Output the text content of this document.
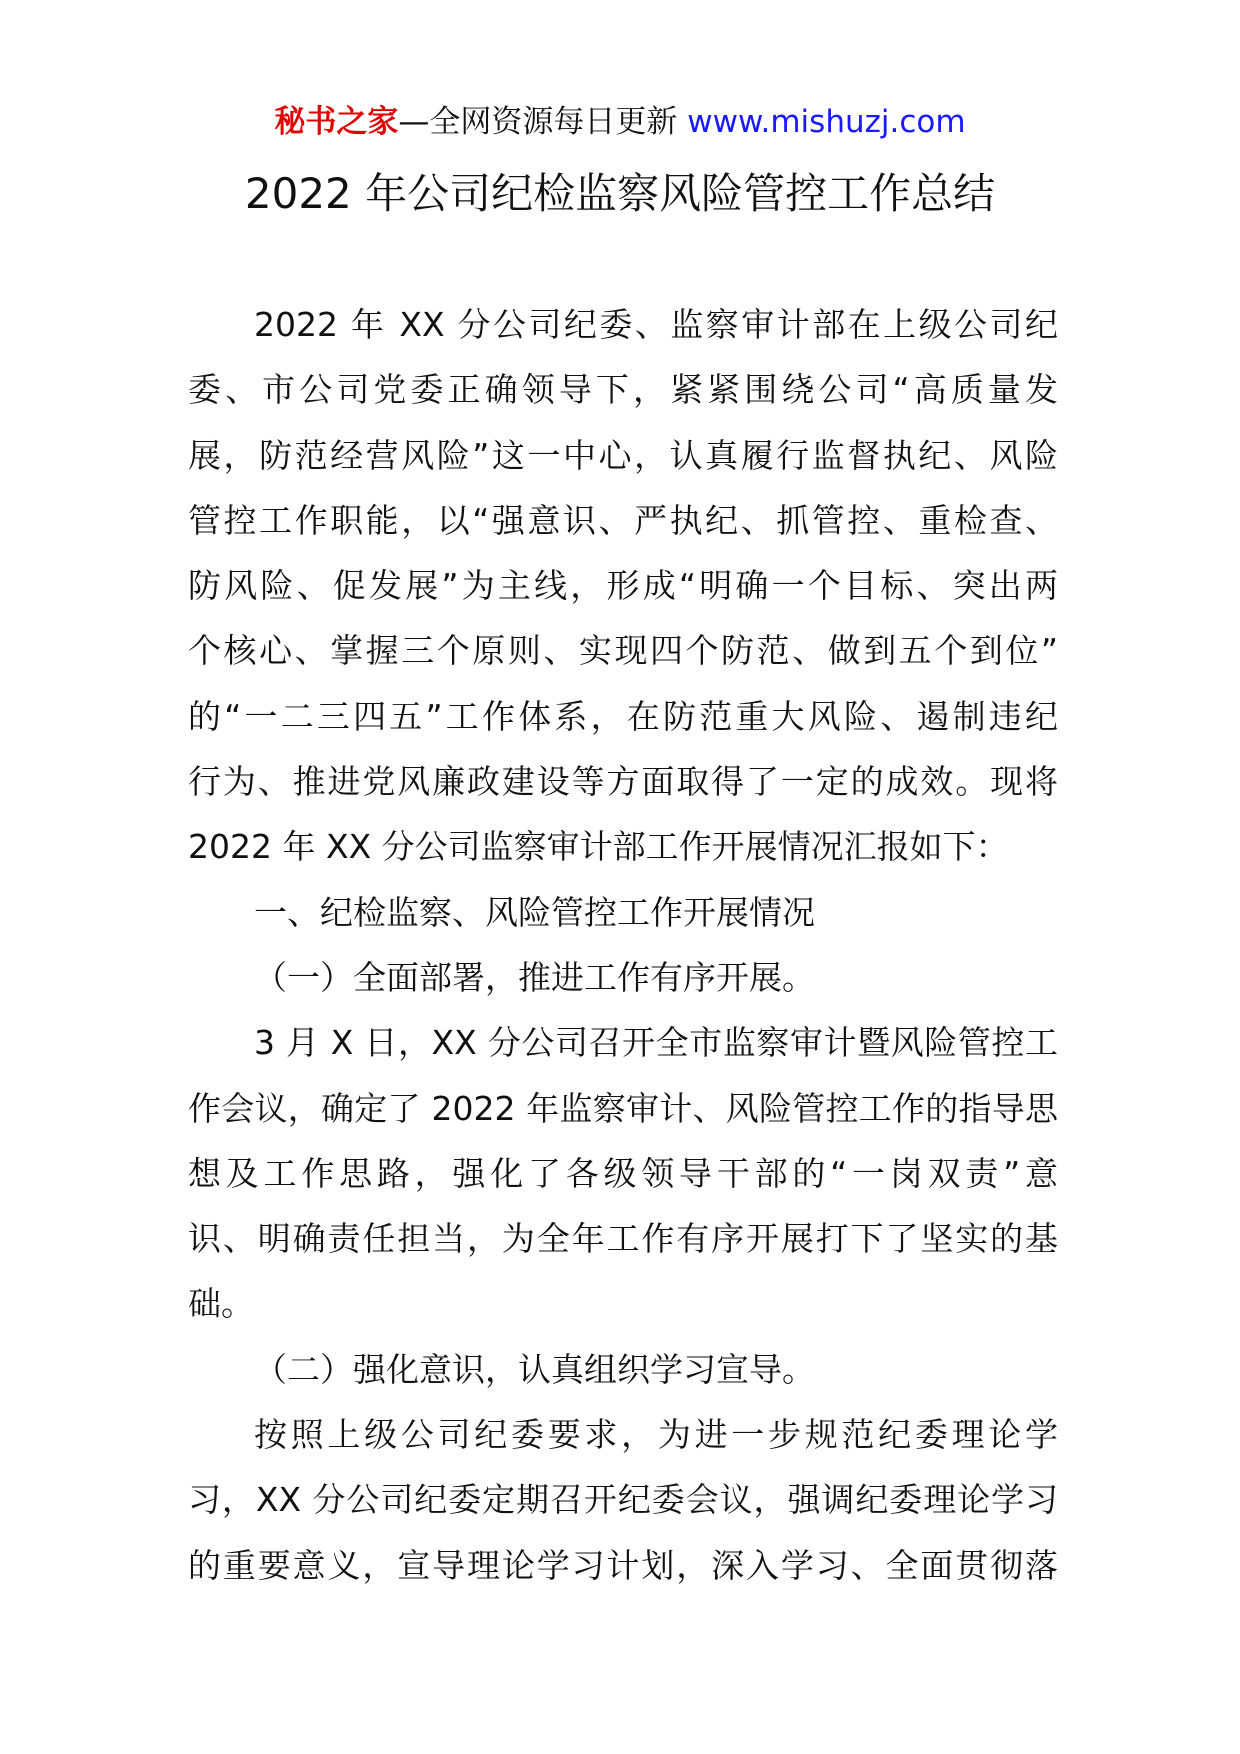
秘书之家—全网资源每日更新 www.mishuzj.com
2022 年公司纪检监察风险管控工作总结
2022 年 XX 分公司纪委、监察审计部在上级公司纪
委、市公司党委正确领导下，紧紧围绕公司“高质量发
展，防范经营风险”这一中心，认真履行监督执纪、风险
管控工作职能，以“强意识、严执纪、抓管控、重检查、
防风险、促发展”为主线，形成“明确一个目标、突出两
个核心、掌握三个原则、实现四个防范、做到五个到位”
的“一二三四五”工作体系，在防范重大风险、遏制违纪
行为、推进党风廉政建设等方面取得了一定的成效。现将
2022 年 XX 分公司监察审计部工作开展情况汇报如下：
一、纪检监察、风险管控工作开展情况
（一）全面部署，推进工作有序开展。
3 月 X 日，XX 分公司召开全市监察审计暨风险管控工
作会议，确定了 2022 年监察审计、风险管控工作的指导思
想及工作思路，强化了各级领导干部的“一岗双责”意
识、明确责任担当，为全年工作有序开展打下了坚实的基
础。
（二）强化意识，认真组织学习宣导。
按照上级公司纪委要求，为进一步规范纪委理论学
习，XX 分公司纪委定期召开纪委会议，强调纪委理论学习
的重要意义，宣导理论学习计划，深入学习、全面贯彻落
